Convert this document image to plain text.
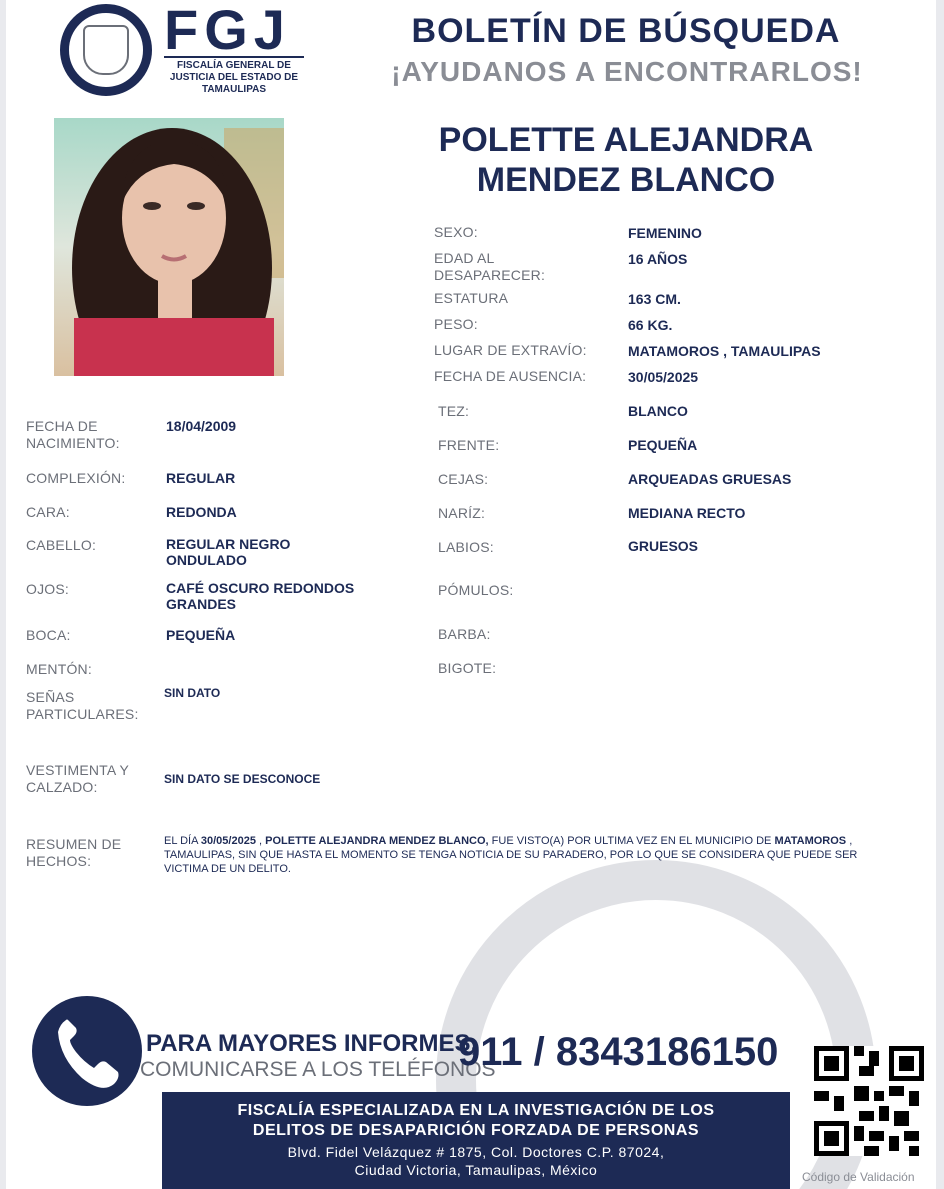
FGJ
FISCALÍA GENERAL DE JUSTICIA DEL ESTADO DE TAMAULIPAS
BOLETÍN DE BÚSQUEDA
¡AYUDANOS A ENCONTRARLOS!
POLETTE ALEJANDRA
MENDEZ BLANCO
SEXO:	FEMENINO
EDAD AL DESAPARECER:
16 AÑOS
ESTATURA	163 CM.
PESO:	66 KG.
LUGAR DE EXTRAVÍO:	MATAMOROS , TAMAULIPAS
FECHA DE AUSENCIA:	30/05/2025
TEZ:	BLANCO
FRENTE:	PEQUEÑA
CEJAS:	ARQUEADAS GRUESAS
NARÍZ:	MEDIANA RECTO
LABIOS:	GRUESOS
PÓMULOS:
BARBA:
BIGOTE:
FECHA DE NACIMIENTO:
18/04/2009
COMPLEXIÓN:	REGULAR
CARA:	REDONDA
CABELLO:	REGULAR NEGRO ONDULADO
OJOS:	CAFÉ OSCURO REDONDOS GRANDES
BOCA:	PEQUEÑA
MENTÓN:
SEÑAS PARTICULARES:
SIN DATO
VESTIMENTA Y CALZADO:	SIN DATO SE DESCONOCE
RESUMEN DE HECHOS:
EL DÍA 30/05/2025 , POLETTE ALEJANDRA MENDEZ BLANCO, FUE VISTO(A) POR ULTIMA VEZ EN EL MUNICIPIO DE MATAMOROS , TAMAULIPAS, SIN QUE HASTA EL MOMENTO SE TENGA NOTICIA DE SU PARADERO, POR LO QUE SE CONSIDERA QUE PUEDE SER VICTIMA DE UN DELITO.
PARA MAYORES INFORMES,
COMUNICARSE A LOS TELÉFONOS
911 / 8343186150
FISCALÍA ESPECIALIZADA EN LA INVESTIGACIÓN DE LOS
DELITOS DE DESAPARICIÓN FORZADA DE PERSONAS
Blvd. Fidel Velázquez # 1875, Col. Doctores C.P. 87024,
Ciudad Victoria, Tamaulipas, México	Código de Validación
